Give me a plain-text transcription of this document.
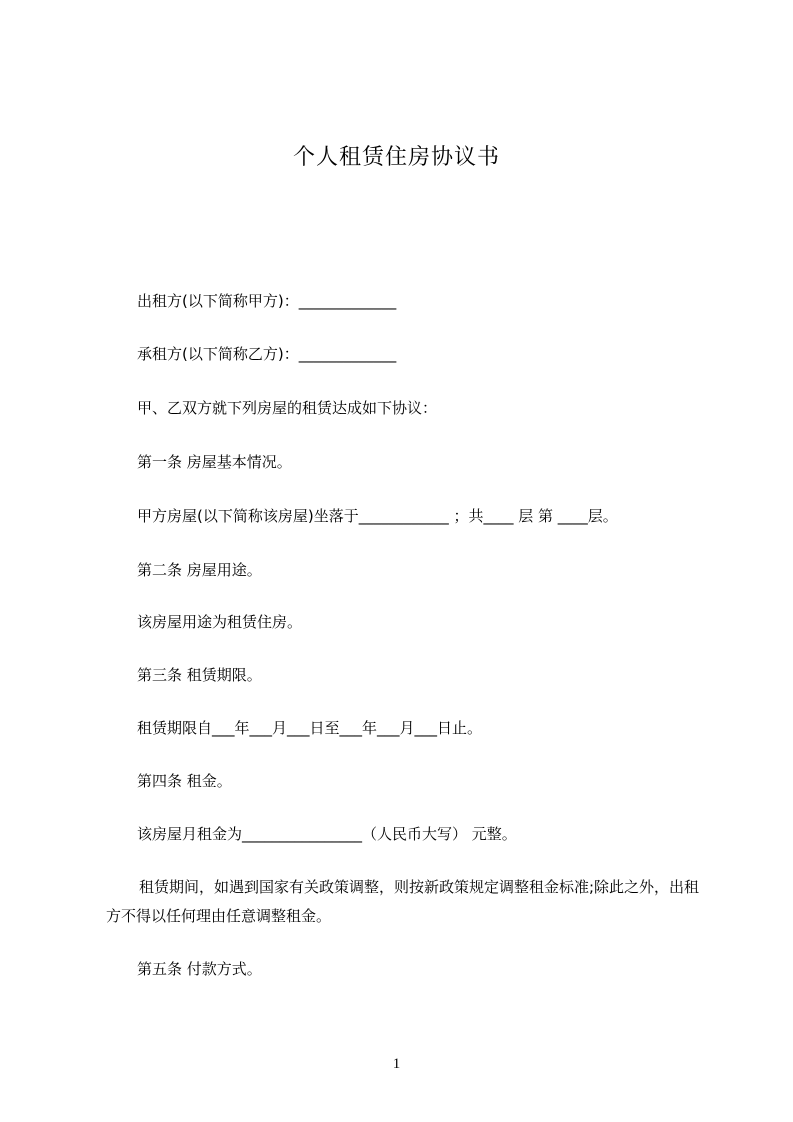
个人租赁住房协议书
出租方(以下简称甲方)：_____________
承租方(以下简称乙方)：_____________
甲、乙双方就下列房屋的租赁达成如下协议：
第一条 房屋基本情况。
甲方房屋(以下简称该房屋)坐落于____________ ；共____ 层 第 ____层。
第二条 房屋用途。
该房屋用途为租赁住房。
第三条 租赁期限。
租赁期限自___年___月___日至___年___月___日止。
第四条 租金。
该房屋月租金为________________（人民币大写） 元整。
租赁期间，如遇到国家有关政策调整，则按新政策规定调整租金标准;除此之外，出租方不得以任何理由任意调整租金。
第五条 付款方式。
1
